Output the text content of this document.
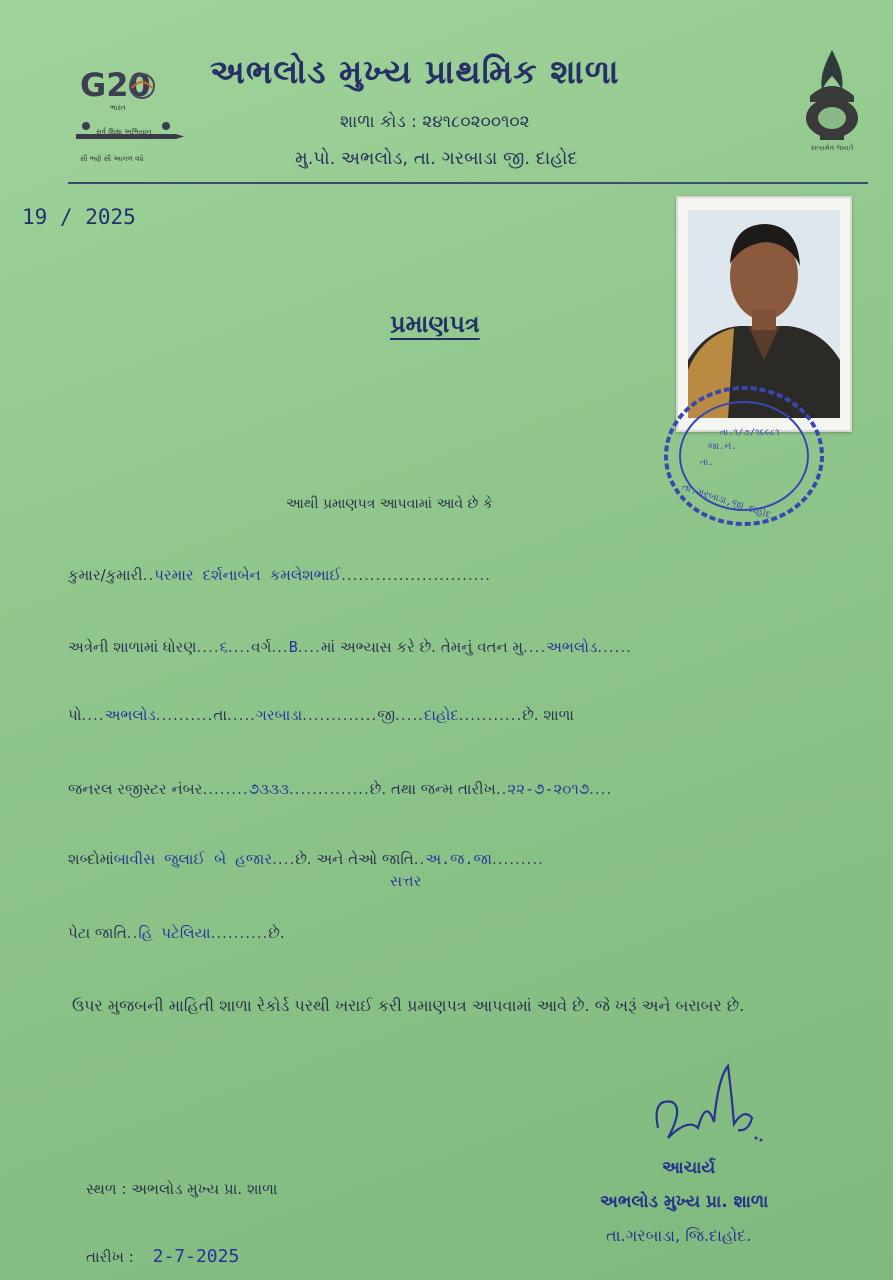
G20
ભારત
સર્વ શિક્ષા અભિયાન
સૌ ભણે સૌ આગળ વધે
અભલોડ મુખ્ય પ્રાથમિક શાળા
શાળા કોડ : ૨૪૧૮૦૨૦૦૧૦૨
મુ.પો. અભલોડ, તા. ગરબાડા જી. દાહોદ	સત્યમેવ જયતે
19 / 2025
તા.૧/૭/૧૯૯૮૧
જા.નં.
તા.
તા.ગરબાડા,જી.દાહોદ
પ્રમાણપત્ર
આથી પ્રમાણપત્ર આપવામાં આવે છે કે
કુમાર/કુમારી..પરમાર દર્શનાબેન કમલેશભાઈ..........................
અત્રેની શાળામાં ધોરણ....૬....વર્ગ...B....માં અભ્યાસ કરે છે. તેમનું વતન મુ....અભલોડ......
પો....અભલોડ..........તા.....ગરબાડા.............જી.....દાહોદ...........છે. શાળા
જનરલ રજીસ્ટર નંબર........૭૩૩૩..............છે. તથા જન્મ તારીખ..૨૨-૭-૨૦૧૭....
શબ્દોમાંબાવીસ જુલાઈ બે હજાર....છે. અને તેઓ જાતિ..અ.જ.જા.........
સત્તર
પેટા જાતિ..હિ પટેલિયા..........છે.
ઉપર મુજબની માહિતી શાળા રેકોર્ડ પરથી ખરાઈ કરી પ્રમાણપત્ર આપવામાં આવે છે. જે ખરૂં અને બરાબર છે.
આચાર્ય
અભલોડ મુખ્ય પ્રા. શાળા
તા.ગરબાડા, જિ.દાહોદ.
સ્થળ : અભલોડ મુખ્ય પ્રા. શાળા
તારીખ : 2-7-2025
